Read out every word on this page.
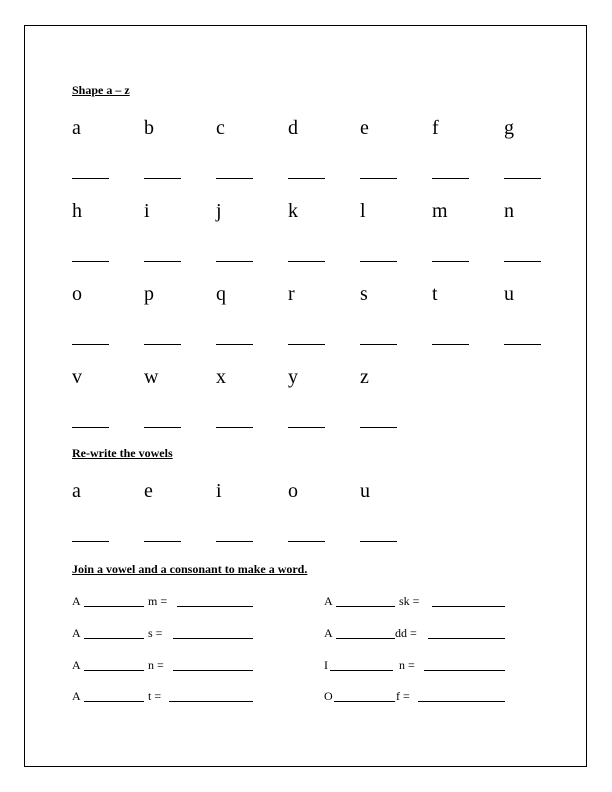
Shape a – z
a	b	c	d	e	f	g
h	i	j	k	l	m	n
o	p	q	r	s	t	u
v	w	x	y	z
Re-write the vowels
a	e	i	o	u
Join a vowel and a consonant to make a word.
A	m =
A	s =
A	n =
A	t =
A	sk =
A	dd =
I	n =
O	f =
